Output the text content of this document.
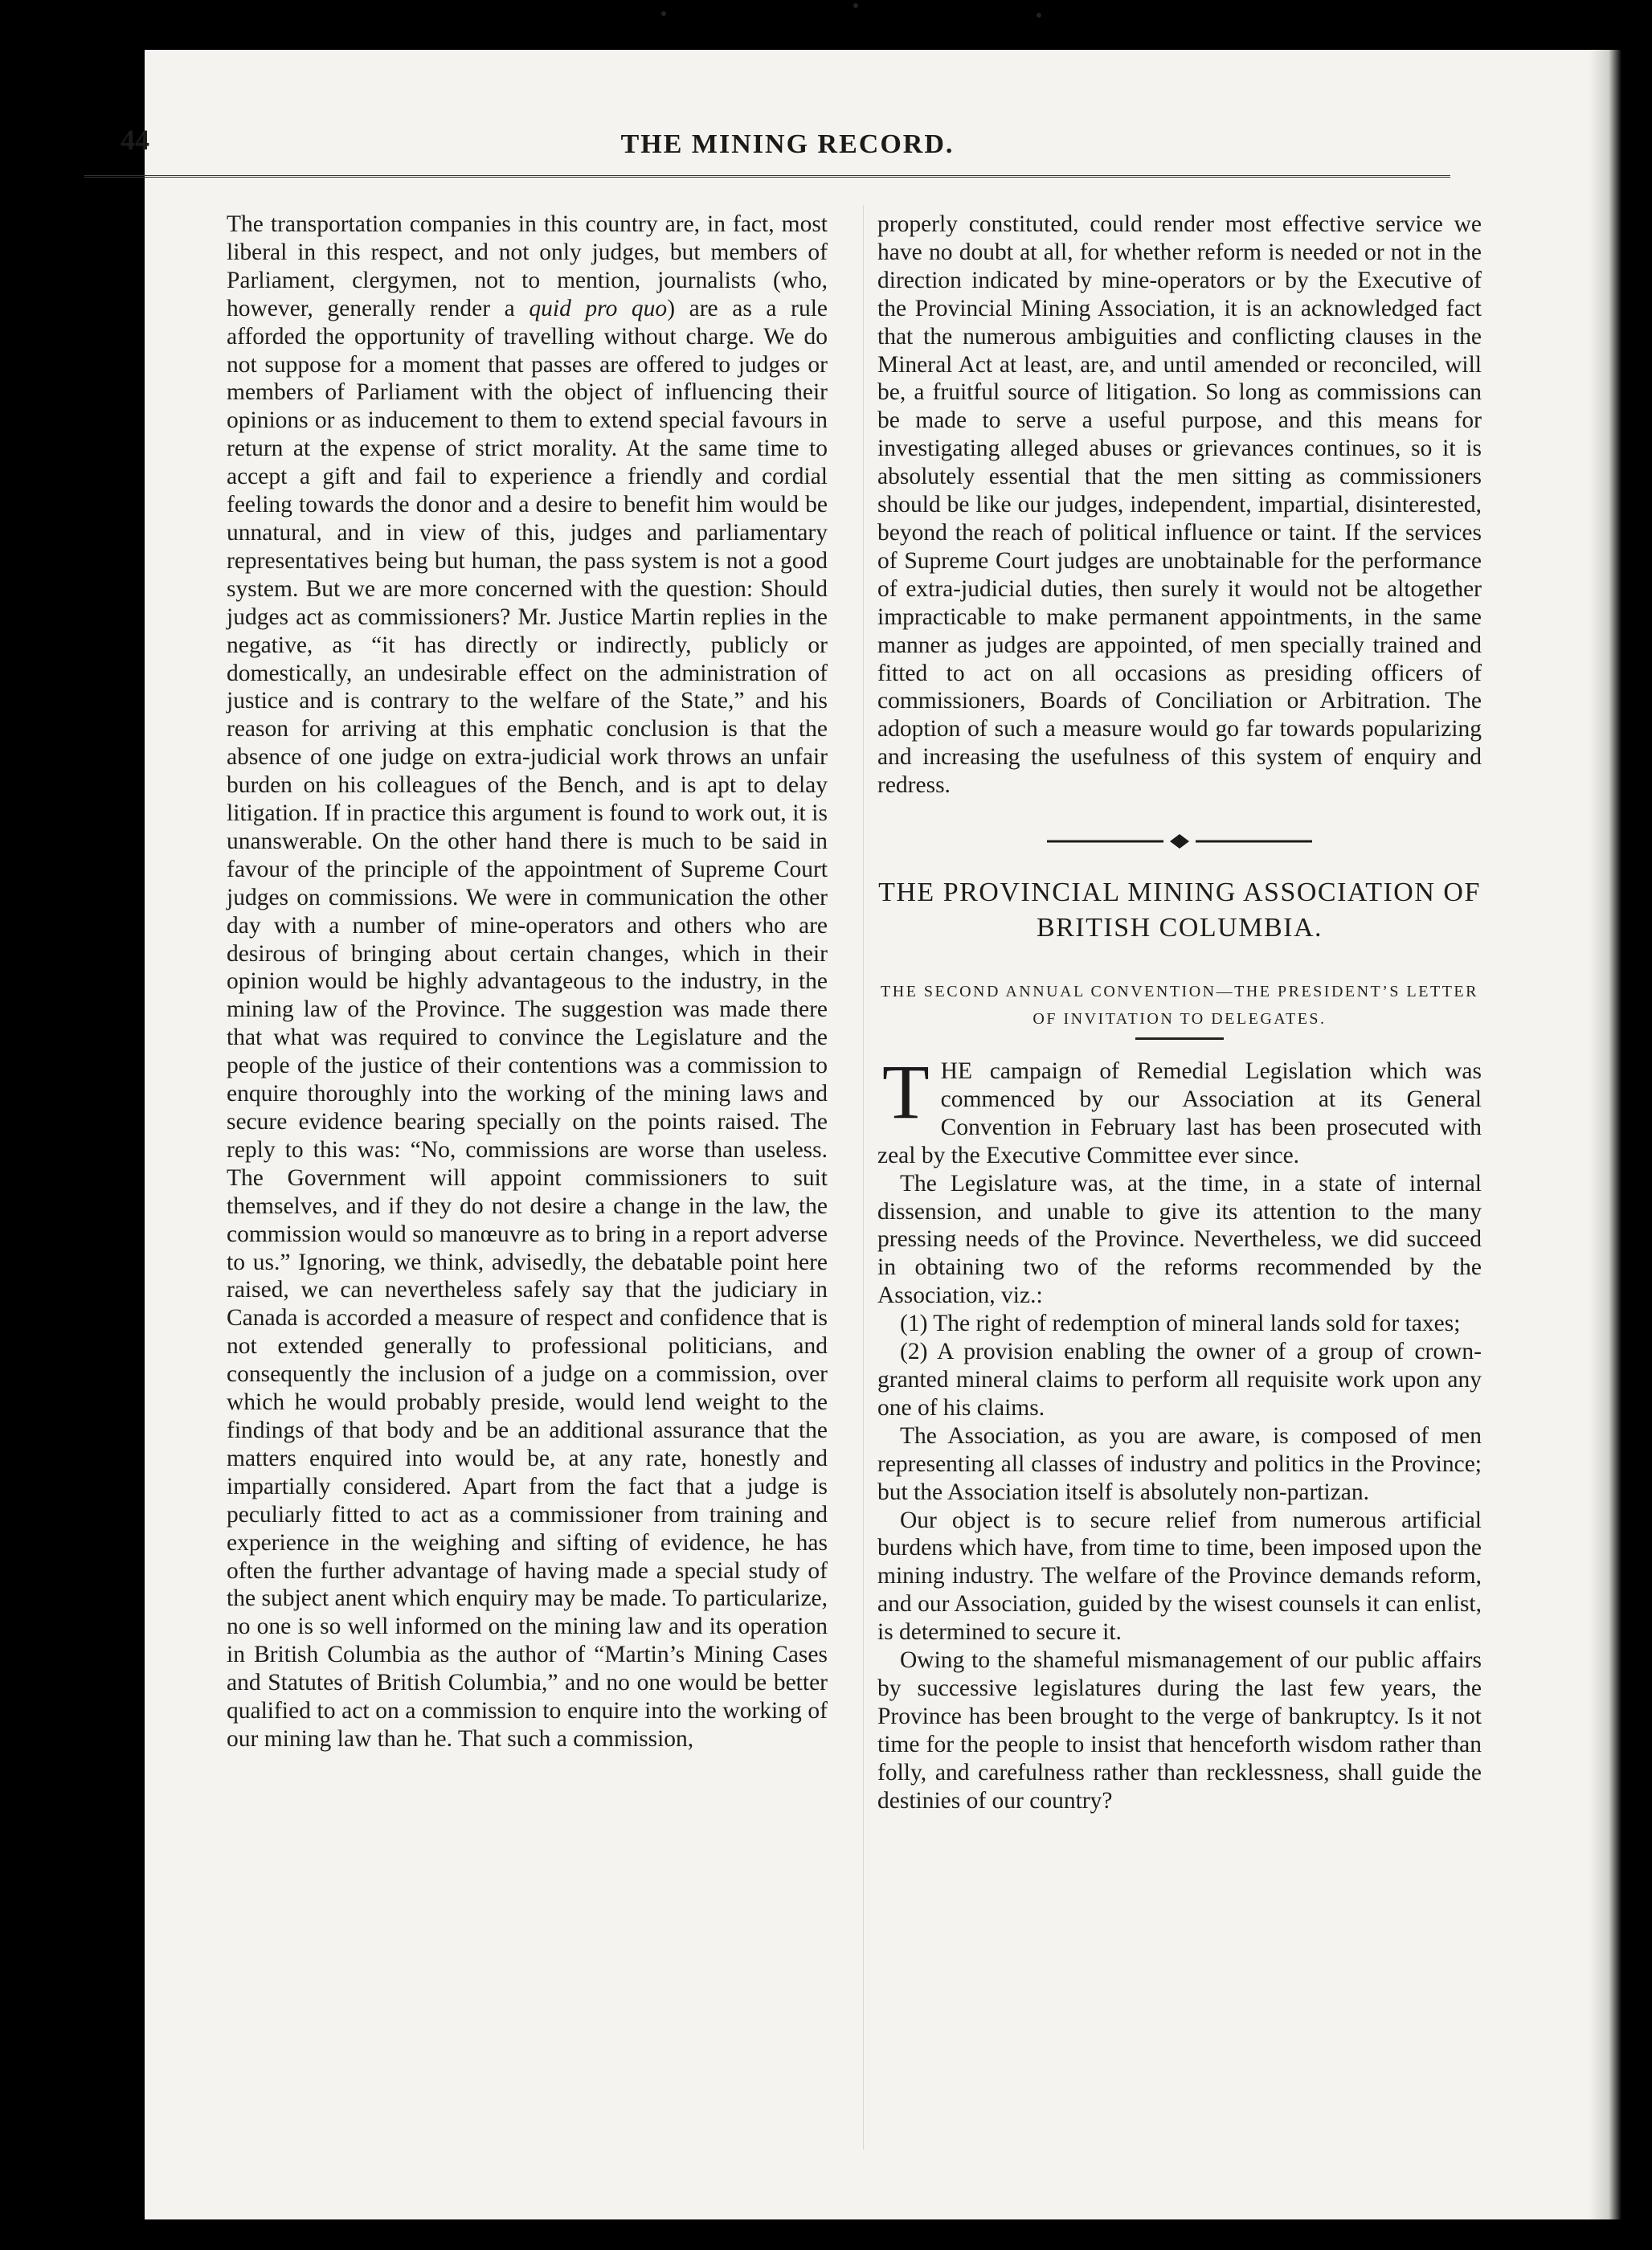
44	THE MINING RECORD.

The transportation companies in this country are, in fact, most liberal in this respect, and not only judges, but members of Parliament, clergymen, not to mention, journalists (who, however, generally render a quid pro quo) are as a rule afforded the opportunity of travelling without charge. We do not suppose for a moment that passes are offered to judges or members of Parliament with the object of influencing their opinions or as inducement to them to extend special favours in return at the expense of strict morality. At the same time to accept a gift and fail to experience a friendly and cordial feeling towards the donor and a desire to benefit him would be unnatural, and in view of this, judges and parliamentary representatives being but human, the pass system is not a good system. But we are more concerned with the question: Should judges act as commissioners? Mr. Justice Martin replies in the negative, as “it has directly or indirectly, publicly or domestically, an undesirable effect on the administration of justice and is contrary to the welfare of the State,” and his reason for arriving at this emphatic conclusion is that the absence of one judge on extra-judicial work throws an unfair burden on his colleagues of the Bench, and is apt to delay litigation. If in practice this argument is found to work out, it is unanswerable. On the other hand there is much to be said in favour of the principle of the appointment of Supreme Court judges on commissions. We were in communication the other day with a number of mine-operators and others who are desirous of bringing about certain changes, which in their opinion would be highly advantageous to the industry, in the mining law of the Province. The suggestion was made there that what was required to convince the Legislature and the people of the justice of their contentions was a commission to enquire thoroughly into the working of the mining laws and secure evidence bearing specially on the points raised. The reply to this was: “No, commissions are worse than useless. The Government will appoint commissioners to suit themselves, and if they do not desire a change in the law, the commission would so manœuvre as to bring in a report adverse to us.” Ignoring, we think, advisedly, the debatable point here raised, we can nevertheless safely say that the judiciary in Canada is accorded a measure of respect and confidence that is not extended generally to professional politicians, and consequently the inclusion of a judge on a commission, over which he would probably preside, would lend weight to the findings of that body and be an additional assurance that the matters enquired into would be, at any rate, honestly and impartially considered. Apart from the fact that a judge is peculiarly fitted to act as a commissioner from training and experience in the weighing and sifting of evidence, he has often the further advantage of having made a special study of the subject anent which enquiry may be made. To particularize, no one is so well informed on the mining law and its operation in British Columbia as the author of “Martin’s Mining Cases and Statutes of British Columbia,” and no one would be better qualified to act on a commission to enquire into the working of our mining law than he. That such a commission,

properly constituted, could render most effective service we have no doubt at all, for whether reform is needed or not in the direction indicated by mine-operators or by the Executive of the Provincial Mining Association, it is an acknowledged fact that the numerous ambiguities and conflicting clauses in the Mineral Act at least, are, and until amended or reconciled, will be, a fruitful source of litigation. So long as commissions can be made to serve a useful purpose, and this means for investigating alleged abuses or grievances continues, so it is absolutely essential that the men sitting as commissioners should be like our judges, independent, impartial, disinterested, beyond the reach of political influence or taint. If the services of Supreme Court judges are unobtainable for the performance of extra-judicial duties, then surely it would not be altogether impracticable to make permanent appointments, in the same manner as judges are appointed, of men specially trained and fitted to act on all occasions as presiding officers of commissioners, Boards of Conciliation or Arbitration. The adoption of such a measure would go far towards popularizing and increasing the usefulness of this system of enquiry and redress.

THE PROVINCIAL MINING ASSOCIATION OF BRITISH COLUMBIA.
THE SECOND ANNUAL CONVENTION—THE PRESIDENT’S LETTER OF INVITATION TO DELEGATES.

THE campaign of Remedial Legislation which was commenced by our Association at its General Convention in February last has been prosecuted with zeal by the Executive Committee ever since.

The Legislature was, at the time, in a state of internal dissension, and unable to give its attention to the many pressing needs of the Province. Nevertheless, we did succeed in obtaining two of the reforms recommended by the Association, viz.:

(1) The right of redemption of mineral lands sold for taxes;

(2) A provision enabling the owner of a group of crown-granted mineral claims to perform all requisite work upon any one of his claims.

The Association, as you are aware, is composed of men representing all classes of industry and politics in the Province; but the Association itself is absolutely non-partizan.

Our object is to secure relief from numerous artificial burdens which have, from time to time, been imposed upon the mining industry. The welfare of the Province demands reform, and our Association, guided by the wisest counsels it can enlist, is determined to secure it.

Owing to the shameful mismanagement of our public affairs by successive legislatures during the last few years, the Province has been brought to the verge of bankruptcy. Is it not time for the people to insist that henceforth wisdom rather than folly, and carefulness rather than recklessness, shall guide the destinies of our country?
